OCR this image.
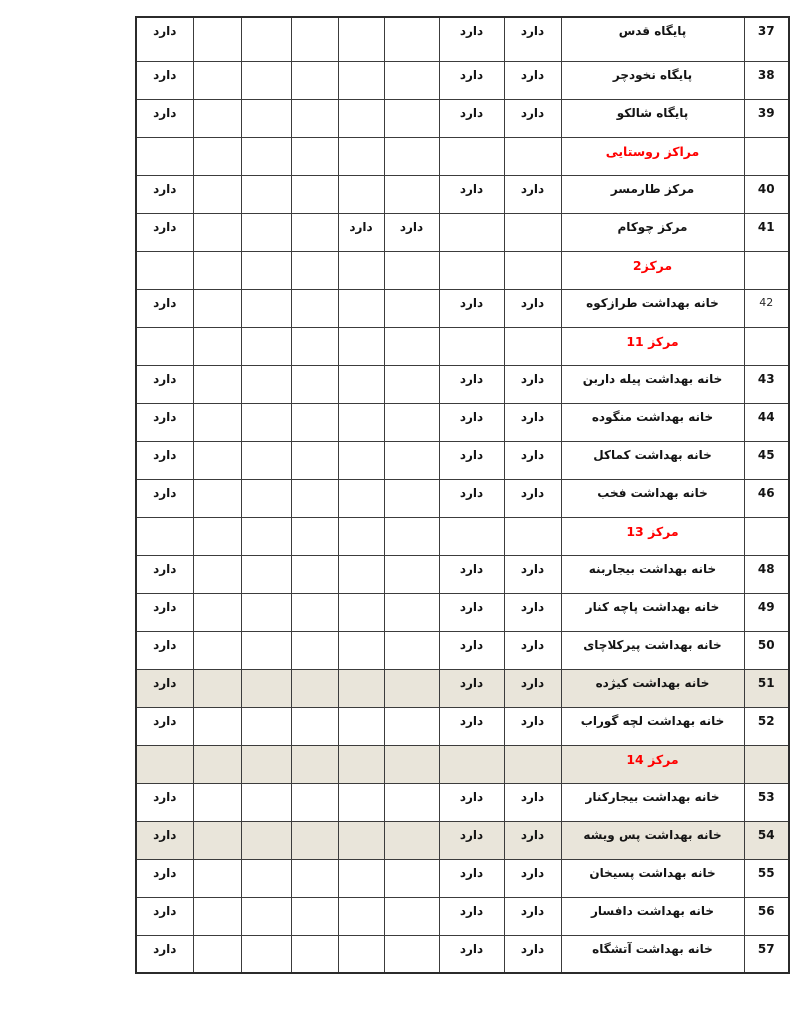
37	پایگاه قدس	دارد	دارد						دارد
38	پایگاه نخودچر	دارد	دارد						دارد
39	پایگاه شالکو	دارد	دارد						دارد
	مراکز روستایی								
40	مرکز طارمسر	دارد	دارد						دارد
41	مرکز چوکام			دارد	دارد				دارد
	مرکز2								
42	خانه بهداشت طرازکوه	دارد	دارد						دارد
	مرکز 11								
43	خانه بهداشت پیله داربن	دارد	دارد						دارد
44	خانه بهداشت منگوده	دارد	دارد						دارد
45	خانه بهداشت کماکل	دارد	دارد						دارد
46	خانه بهداشت فخب	دارد	دارد						دارد
	مرکز 13								
48	خانه بهداشت بیجاربنه	دارد	دارد						دارد
49	خانه بهداشت پاچه کنار	دارد	دارد						دارد
50	خانه بهداشت پیرکلاچای	دارد	دارد						دارد
51	خانه بهداشت کیژده	دارد	دارد						دارد
52	خانه بهداشت لچه گوراب	دارد	دارد						دارد
	مرکز 14								
53	خانه بهداشت بیجارکنار	دارد	دارد						دارد
54	خانه بهداشت پس ویشه	دارد	دارد						دارد
55	خانه بهداشت پسیخان	دارد	دارد						دارد
56	خانه بهداشت دافسار	دارد	دارد						دارد
57	خانه بهداشت آتشگاه	دارد	دارد						دارد
